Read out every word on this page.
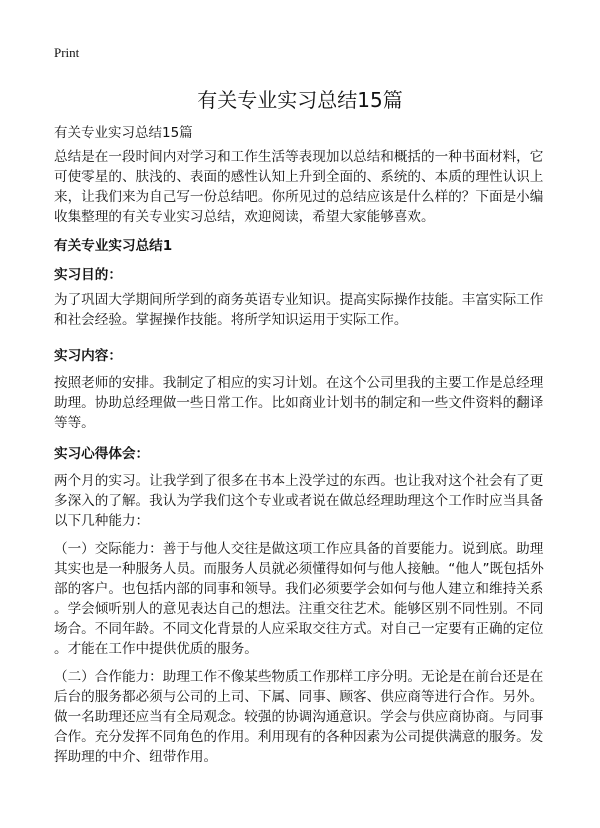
Print
有关专业实习总结15篇
有关专业实习总结15篇
总结是在一段时间内对学习和工作生活等表现加以总结和概括的一种书面材料，它
可使零星的、肤浅的、表面的感性认知上升到全面的、系统的、本质的理性认识上
来，让我们来为自己写一份总结吧。你所见过的总结应该是什么样的？下面是小编
收集整理的有关专业实习总结，欢迎阅读，希望大家能够喜欢。
有关专业实习总结1
实习目的：
为了巩固大学期间所学到的商务英语专业知识。提高实际操作技能。丰富实际工作
和社会经验。掌握操作技能。将所学知识运用于实际工作。
实习内容：
按照老师的安排。我制定了相应的实习计划。在这个公司里我的主要工作是总经理
助理。协助总经理做一些日常工作。比如商业计划书的制定和一些文件资料的翻译
等等。
实习心得体会：
两个月的实习。让我学到了很多在书本上没学过的东西。也让我对这个社会有了更
多深入的了解。我认为学我们这个专业或者说在做总经理助理这个工作时应当具备
以下几种能力：
（一）交际能力：善于与他人交往是做这项工作应具备的首要能力。说到底。助理
其实也是一种服务人员。而服务人员就必须懂得如何与他人接触。“他人”既包括外
部的客户。也包括内部的同事和领导。我们必须要学会如何与他人建立和维持关系
。学会倾听别人的意见表达自己的想法。注重交往艺术。能够区别不同性别。不同
场合。不同年龄。不同文化背景的人应采取交往方式。对自己一定要有正确的定位
。才能在工作中提供优质的服务。
（二）合作能力：助理工作不像某些物质工作那样工序分明。无论是在前台还是在
后台的服务都必须与公司的上司、下属、同事、顾客、供应商等进行合作。另外。
做一名助理还应当有全局观念。较强的协调沟通意识。学会与供应商协商。与同事
合作。充分发挥不同角色的作用。利用现有的各种因素为公司提供满意的服务。发
挥助理的中介、纽带作用。
